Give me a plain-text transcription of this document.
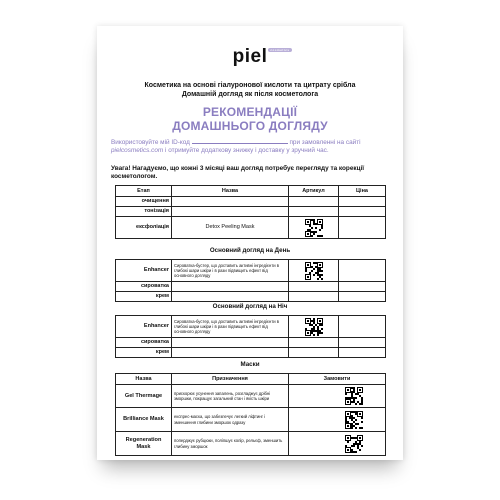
piel	cosmetics
Косметика на основі гіалуронової кислоти та цитрату срібла
Домашній догляд як після косметолога
РЕКОМЕНДАЦІЇ
ДОМАШНЬОГО ДОГЛЯДУ
Використовуйте мій ID-код	при замовленні на сайті pielcosmetics.com і отримуйте додаткову знижку і доставку у зручний час.
Увага! Нагадуємо, що кожні 3 місяці ваш догляд потребує перегляду та корекції косметологом.
Етап	Назва	Артикул	Ціна
очищення			
тонізація			
ексфоліація	Detox Peeling Mask	

Основний догляд на День
Enhancer	Сироватка-бустер, що доставить активні інгредієнти в глибокі шари шкіри і в рази підвищить ефект від основного догляду	

сироватка			
крем			
Основний догляд на Ніч
Enhancer	Сироватка-бустер, що доставить активні інгредієнти в глибокі шари шкіри і в рази підвищить ефект від основного догляду	

сироватка			
крем			
Маски
Назва	Призначення	Замовити
Gel Thermage	прискорює усунення запалень, розгладжує дрібні зморшки, покращує загальний стан і якість шкіри	

Brilliance Mask	експрес-маска, що забезпечує легкий ліфтинг і зменшення глибини зморшок одразу	

Regeneration Mask	поперджує рубцюки, поліпшує колір, рельєф, зменшить глибину зморшок	
